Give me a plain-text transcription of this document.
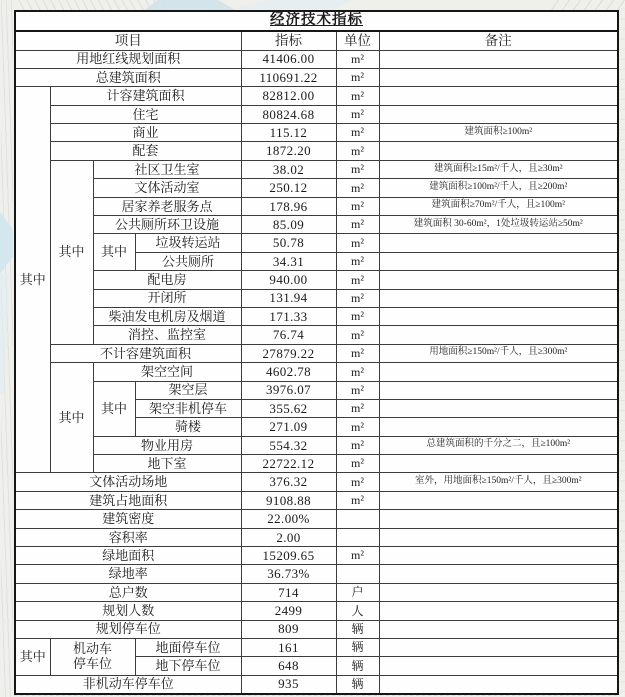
经济技术指标						
项目				指标	单位	备注
用地红线规划面积				41406.00	m²	
总建筑面积				110691.22	m²	
其中	计容建筑面积			82812.00	m²	
	住宅			80824.68	m²	
	商业			115.12	m²	建筑面积≥100m²
	配套			1872.20	m²	
	其中	社区卫生室		38.02	m²	建筑面积≥15m²/千人，且≥30m²
		文体活动室		250.12	m²	建筑面积≥100m²/千人，且≥200m²
		居家养老服务点		178.96	m²	建筑面积≥70m²/千人，且≥100m²
		公共厕所环卫设施		85.09	m²	建筑面积 30-60m²，1处垃圾转运站≥50m²
		其中	垃圾转运站	50.78	m²	
			公共厕所	34.31	m²	
		配电房		940.00	m²	
		开闭所		131.94	m²	
		柴油发电机房及烟道		171.33	m²	
		消控、监控室		76.74	m²	
	不计容建筑面积			27879.22	m²	用地面积≥150m²/千人，且≥300m²
	其中	架空空间		4602.78	m²	
		其中	架空层	3976.07	m²	
			架空非机停车	355.62	m²	
			骑楼	271.09	m²	
		物业用房		554.32	m²	总建筑面积的千分之二，且≥100m²
		地下室		22722.12	m²	
文体活动场地				376.32	m²	室外，用地面积≥150m²/千人，且≥300m²
建筑占地面积				9108.88	m²	
建筑密度				22.00%		
容积率				2.00		
绿地面积				15209.65	m²	
绿地率				36.73%		
总户数				714	户	
规划人数				2499	人	
规划停车位				809	辆	
其中	机动车停车位		地面停车位	161	辆	
			地下停车位	648	辆	
非机动车停车位				935	辆	
